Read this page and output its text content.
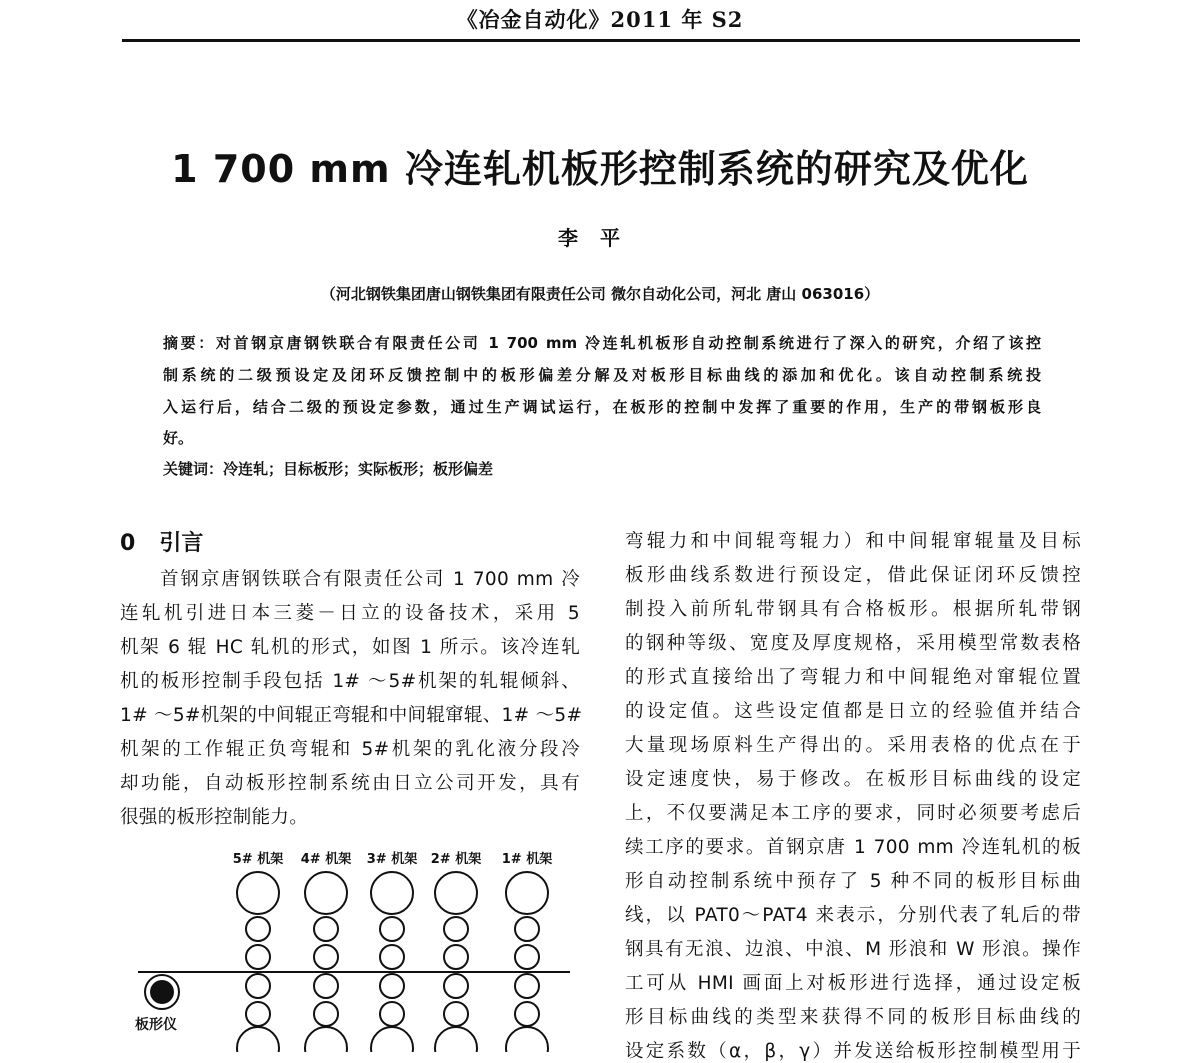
《冶金自动化》2011 年 S2
1 700 mm 冷连轧机板形控制系统的研究及优化
李平
（河北钢铁集团唐山钢铁集团有限责任公司 微尔自动化公司，河北 唐山 063016）
摘要：对首钢京唐钢铁联合有限责任公司 1 700 mm 冷连轧机板形自动控制系统进行了深入的研究，介绍了该控
制系统的二级预设定及闭环反馈控制中的板形偏差分解及对板形目标曲线的添加和优化。该自动控制系统投
入运行后，结合二级的预设定参数，通过生产调试运行，在板形的控制中发挥了重要的作用，生产的带钢板形良
好。
关键词：冷连轧；目标板形；实际板形；板形偏差
0 引言
首钢京唐钢铁联合有限责任公司 1 700 mm 冷
连轧机引进日本三菱－日立的设备技术，采用 5
机架 6 辊 HC 轧机的形式，如图 1 所示。该冷连轧
机的板形控制手段包括 1# ～5#机架的轧辊倾斜、
1# ～5#机架的中间辊正弯辊和中间辊窜辊、1# ～5#
机架的工作辊正负弯辊和 5#机架的乳化液分段冷
却功能，自动板形控制系统由日立公司开发，具有
很强的板形控制能力。
弯辊力和中间辊弯辊力）和中间辊窜辊量及目标
板形曲线系数进行预设定，借此保证闭环反馈控
制投入前所轧带钢具有合格板形。根据所轧带钢
的钢种等级、宽度及厚度规格，采用模型常数表格
的形式直接给出了弯辊力和中间辊绝对窜辊位置
的设定值。这些设定值都是日立的经验值并结合
大量现场原料生产得出的。采用表格的优点在于
设定速度快，易于修改。在板形目标曲线的设定
上，不仅要满足本工序的要求，同时必须要考虑后
续工序的要求。首钢京唐 1 700 mm 冷连轧机的板
形自动控制系统中预存了 5 种不同的板形目标曲
线，以 PAT0～PAT4 来表示，分别代表了轧后的带
钢具有无浪、边浪、中浪、M 形浪和 W 形浪。操作
工可从 HMI 画面上对板形进行选择，通过设定板
形目标曲线的类型来获得不同的板形目标曲线的
设定系数（α，β，γ）并发送给板形控制模型用于
5# 机架 4# 机架 3# 机架 2# 机架 1# 机架
板形仪
